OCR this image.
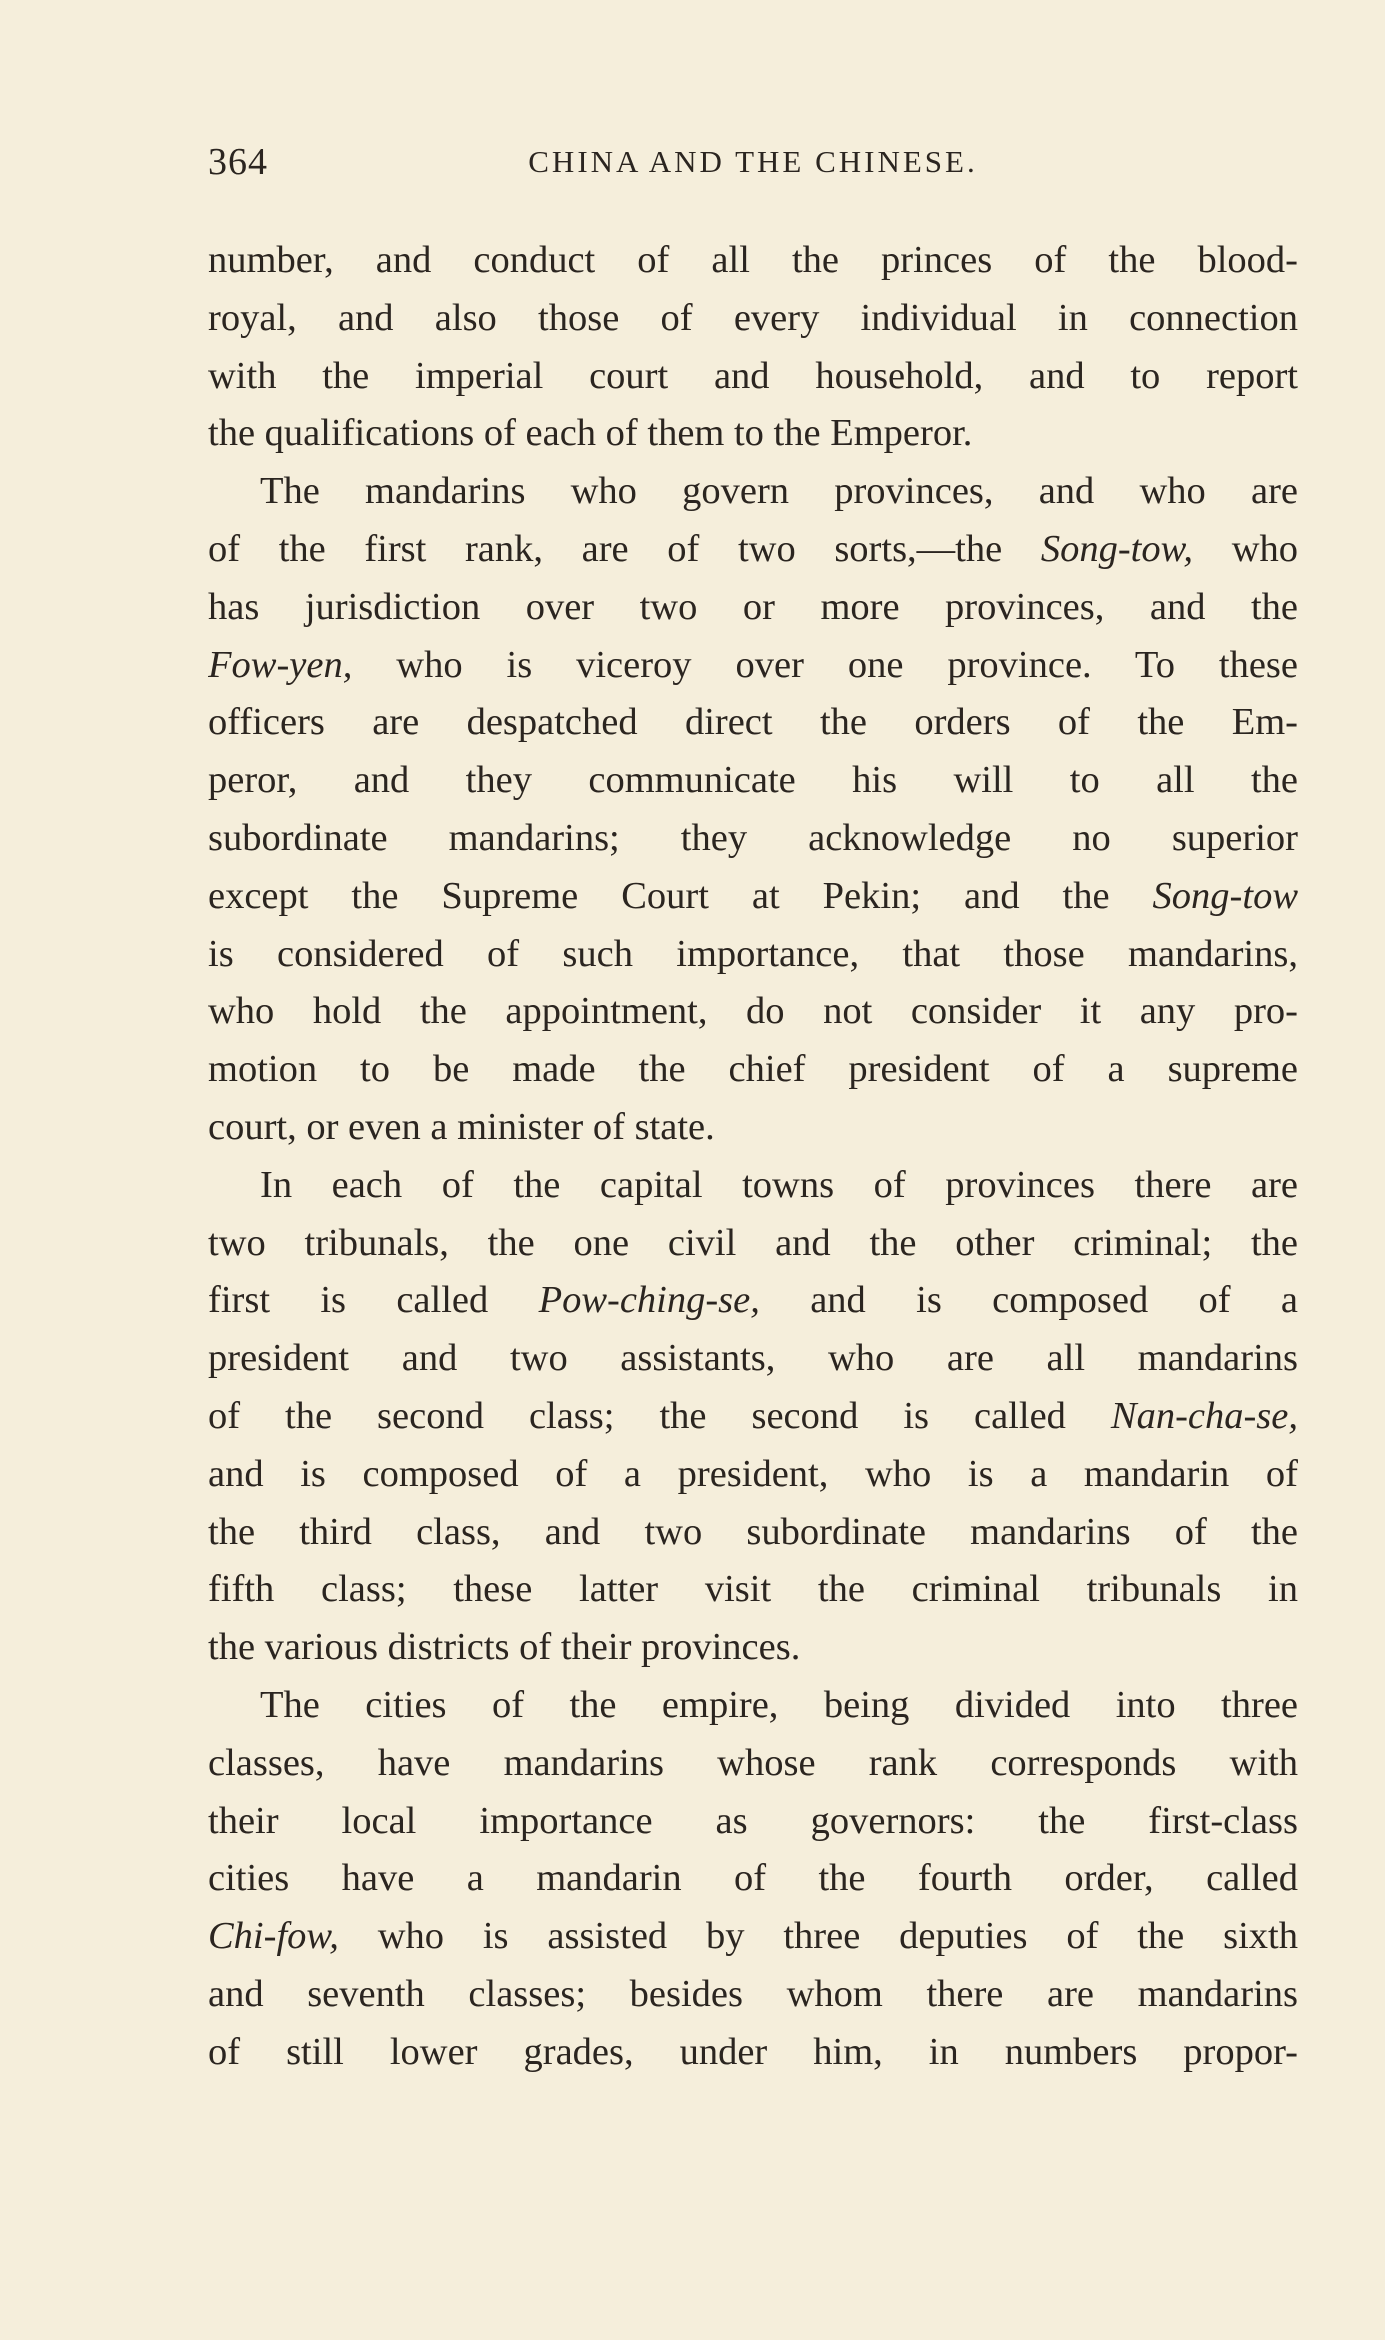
364	CHINA AND THE CHINESE.
number, and conduct of all the princes of the blood-
royal, and also those of every individual in connection
with the imperial court and household, and to report
the qualifications of each of them to the Emperor.
The mandarins who govern provinces, and who are
of the first rank, are of two sorts,—the Song-tow, who
has jurisdiction over two or more provinces, and the
Fow-yen, who is viceroy over one province. To these
officers are despatched direct the orders of the Em-
peror, and they communicate his will to all the
subordinate mandarins; they acknowledge no superior
except the Supreme Court at Pekin; and the Song-tow
is considered of such importance, that those mandarins,
who hold the appointment, do not consider it any pro-
motion to be made the chief president of a supreme
court, or even a minister of state.
In each of the capital towns of provinces there are
two tribunals, the one civil and the other criminal; the
first is called Pow-ching-se, and is composed of a
president and two assistants, who are all mandarins
of the second class; the second is called Nan-cha-se,
and is composed of a president, who is a mandarin of
the third class, and two subordinate mandarins of the
fifth class; these latter visit the criminal tribunals in
the various districts of their provinces.
The cities of the empire, being divided into three
classes, have mandarins whose rank corresponds with
their local importance as governors: the first-class
cities have a mandarin of the fourth order, called
Chi-fow, who is assisted by three deputies of the sixth
and seventh classes; besides whom there are mandarins
of still lower grades, under him, in numbers propor-
